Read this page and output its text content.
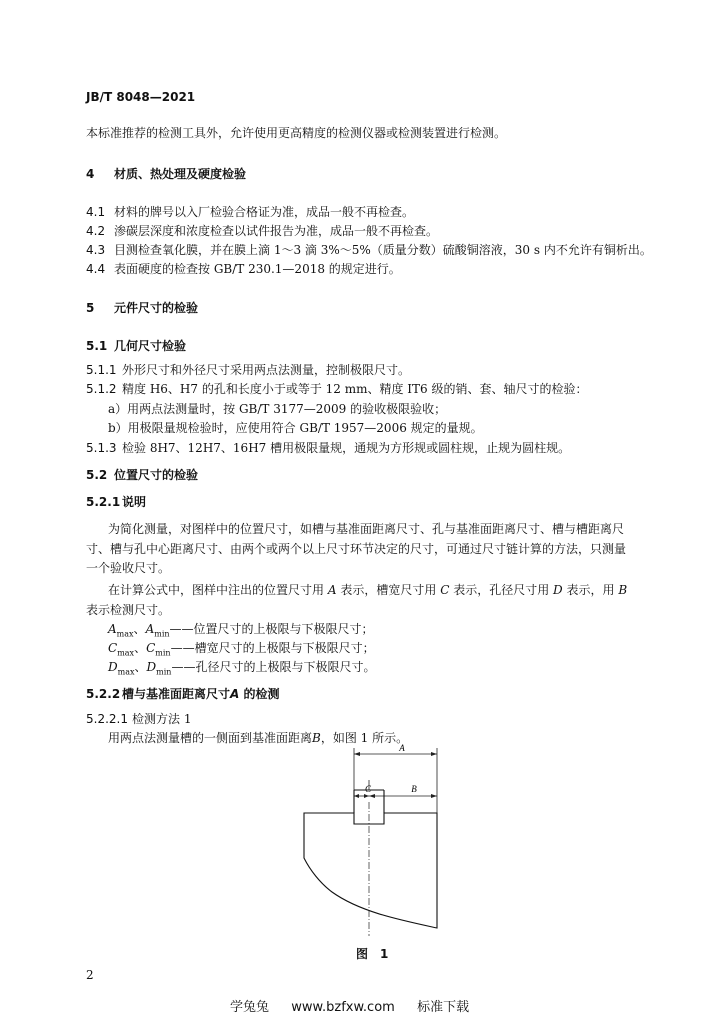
JB/T 8048—2021
本标准推荐的检测工具外，允许使用更高精度的检测仪器或检测装置进行检测。
4 材质、热处理及硬度检验
4.1 材料的牌号以入厂检验合格证为准，成品一般不再检查。
4.2 渗碳层深度和浓度检查以试件报告为准，成品一般不再检查。
4.3 目测检查氧化膜，并在膜上滴 1～3 滴 3%～5%（质量分数）硫酸铜溶液，30 s 内不允许有铜析出。
4.4 表面硬度的检查按 GB/T 230.1—2018 的规定进行。
5 元件尺寸的检验
5.1 几何尺寸检验
5.1.1 外形尺寸和外径尺寸采用两点法测量，控制极限尺寸。
5.1.2 精度 H6、H7 的孔和长度小于或等于 12 mm、精度 IT6 级的销、套、轴尺寸的检验：
a）用两点法测量时，按 GB/T 3177—2009 的验收极限验收；
b）用极限量规检验时，应使用符合 GB/T 1957—2006 规定的量规。
5.1.3 检验 8H7、12H7、16H7 槽用极限量规，通规为方形规或圆柱规，止规为圆柱规。
5.2 位置尺寸的检验
5.2.1 说明
为简化测量，对图样中的位置尺寸，如槽与基准面距离尺寸、孔与基准面距离尺寸、槽与槽距离尺
寸、槽与孔中心距离尺寸、由两个或两个以上尺寸环节决定的尺寸，可通过尺寸链计算的方法，只测量
一个验收尺寸。
在计算公式中，图样中注出的位置尺寸用 A 表示，槽宽尺寸用 C 表示，孔径尺寸用 D 表示，用 B
表示检测尺寸。
$A_{max}$、$A_{min}——$位置尺寸的上极限与下极限尺寸；
$C_{max}$、$C_{min}——$槽宽尺寸的上极限与下极限尺寸；
$D_{max}$、$D_{min}——$孔径尺寸的上极限与下极限尺寸。
5.2.2 槽与基准面距离尺寸A 的检测
5.2.2.1 检测方法 1
用两点法测量槽的一侧面到基准面距离B，如图 1 所示。
A
C	B
图　1
2
学兔兔 www.bzfxw.com 标准下载
